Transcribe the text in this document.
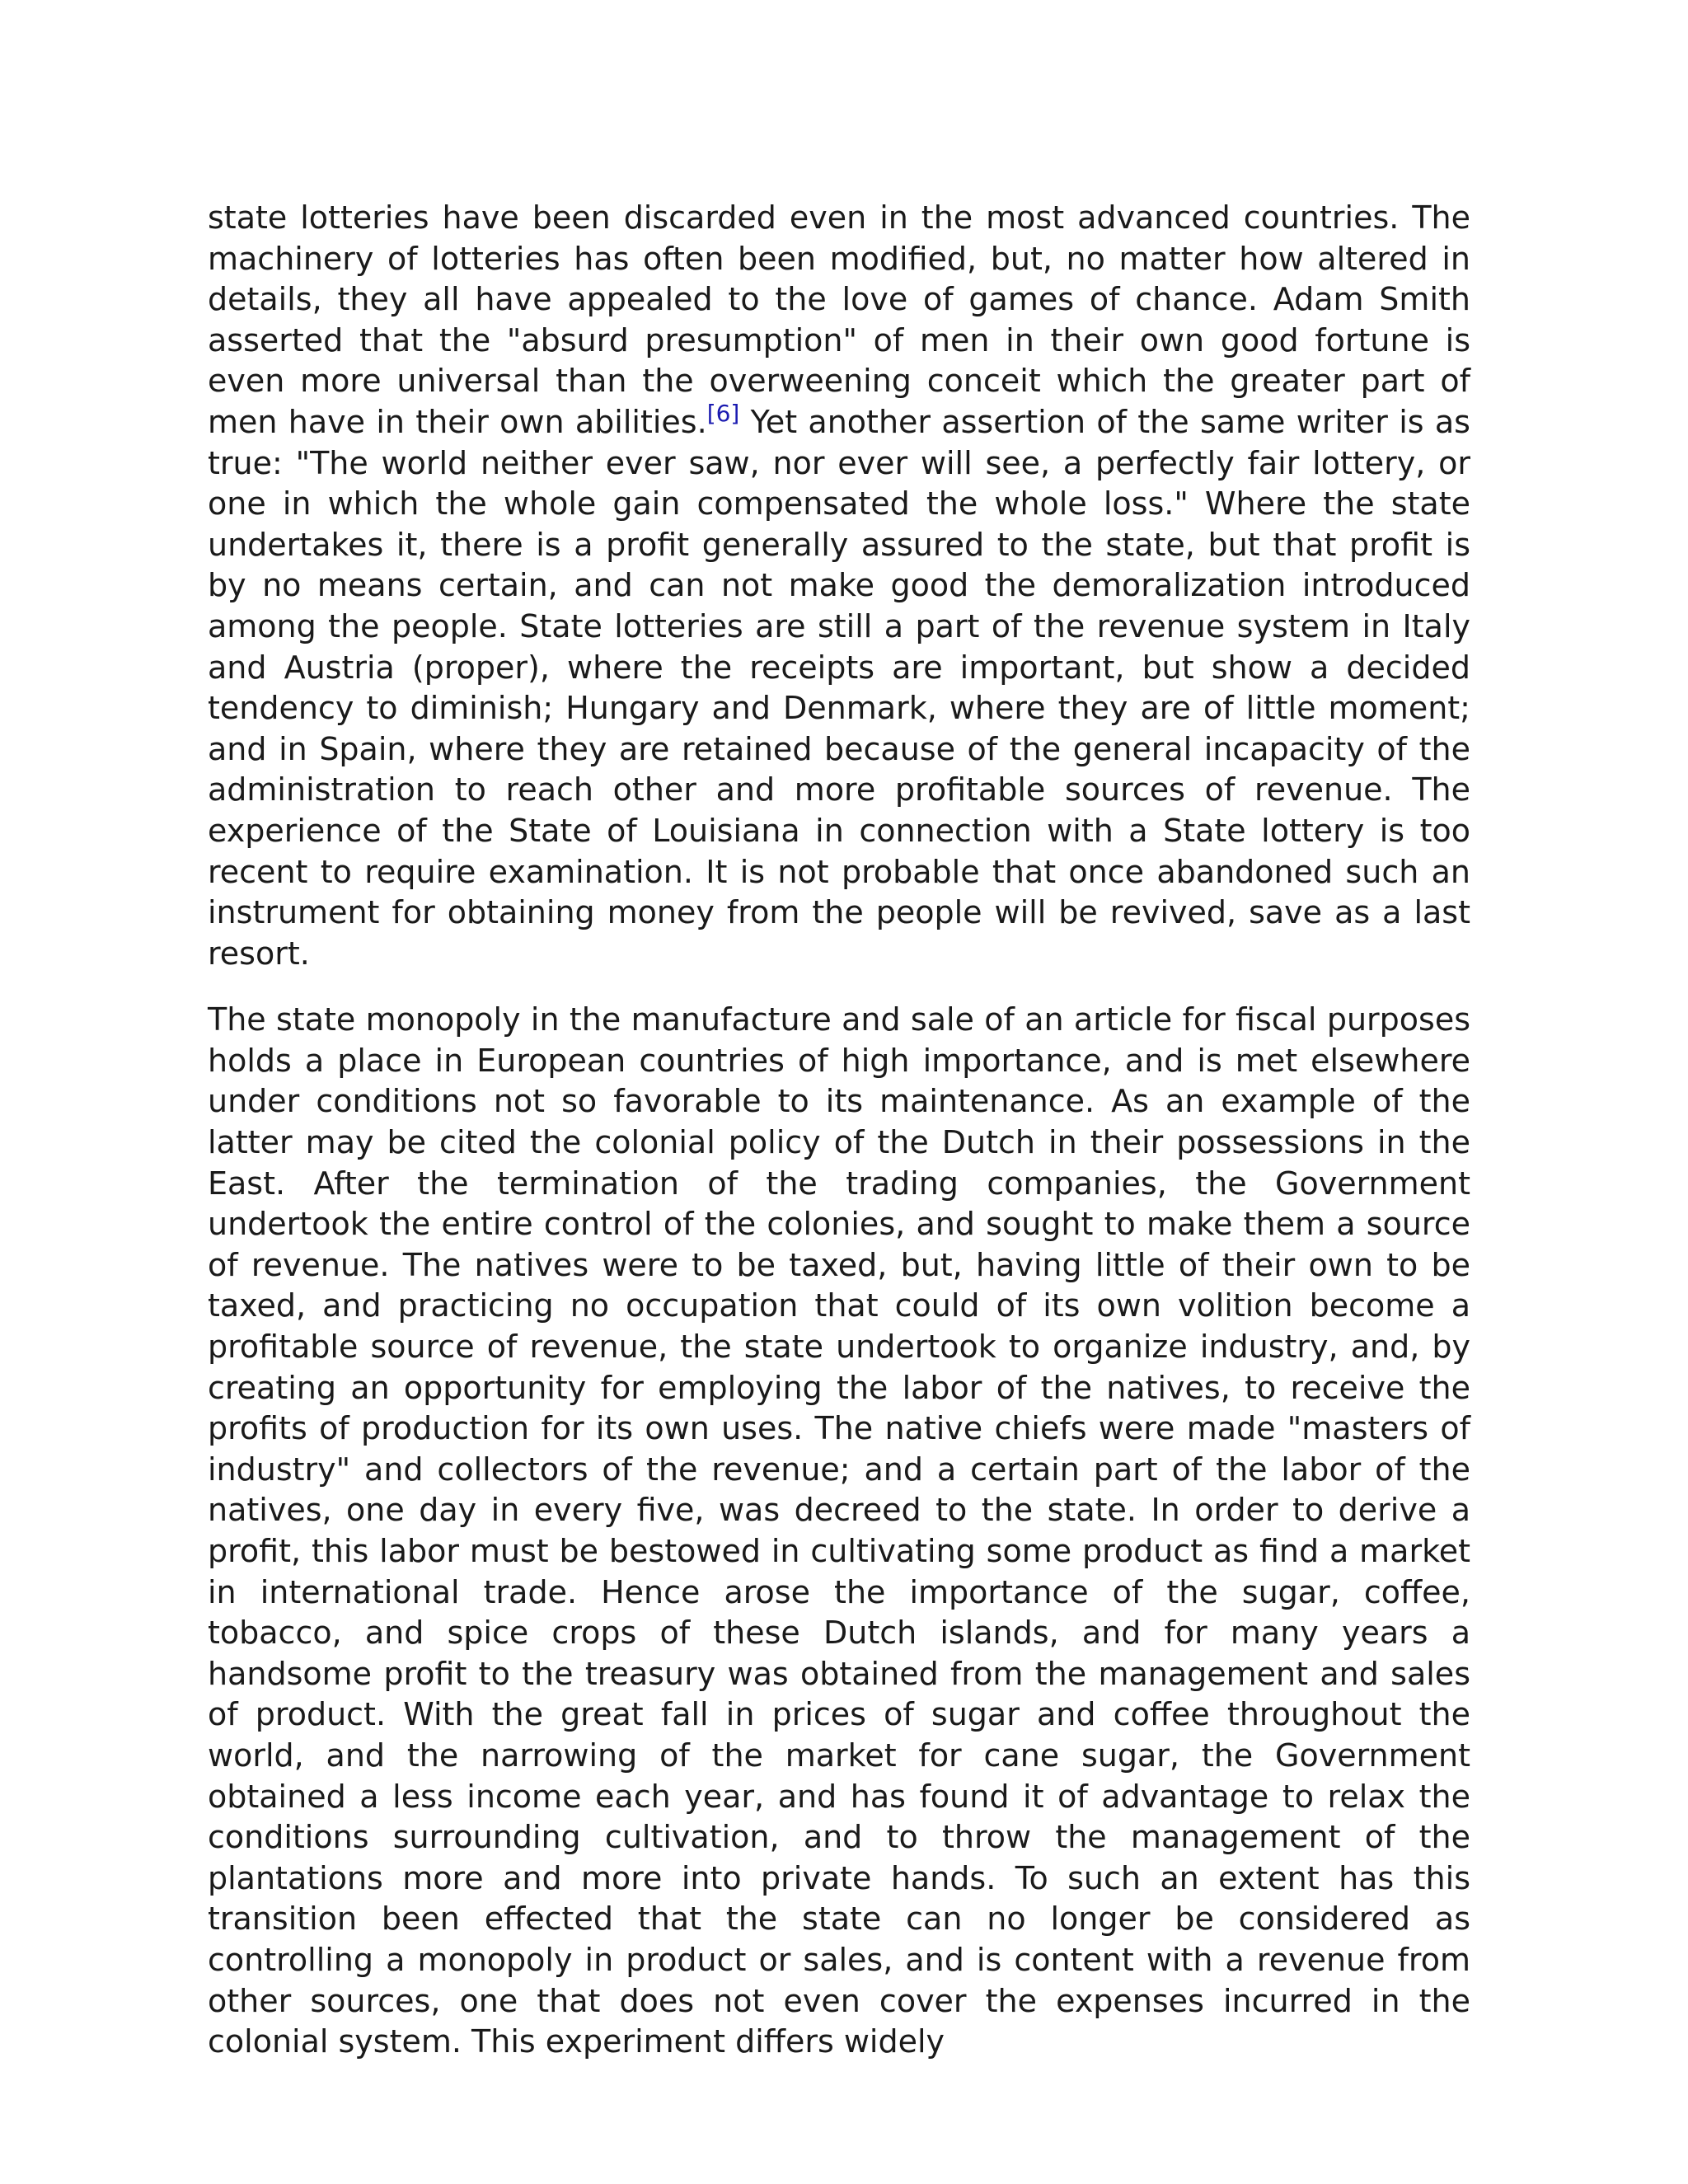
state lotteries have been discarded even in the most advanced countries. The machinery of lotteries has often been modified, but, no matter how altered in details, they all have appealed to the love of games of chance. Adam Smith asserted that the "absurd presumption" of men in their own good fortune is even more universal than the overweening conceit which the greater part of men have in their own abilities.[6] Yet another assertion of the same writer is as true: "The world neither ever saw, nor ever will see, a perfectly fair lottery, or one in which the whole gain compensated the whole loss." Where the state undertakes it, there is a profit generally assured to the state, but that profit is by no means certain, and can not make good the demoralization introduced among the people. State lotteries are still a part of the revenue system in Italy and Austria (proper), where the receipts are important, but show a decided tendency to diminish; Hungary and Denmark, where they are of little moment; and in Spain, where they are retained because of the general incapacity of the administration to reach other and more profitable sources of revenue. The experience of the State of Louisiana in connection with a State lottery is too recent to require examination. It is not probable that once abandoned such an instrument for obtaining money from the people will be revived, save as a last resort.

The state monopoly in the manufacture and sale of an article for fiscal purposes holds a place in European countries of high importance, and is met elsewhere under conditions not so favorable to its maintenance. As an example of the latter may be cited the colonial policy of the Dutch in their possessions in the East. After the termination of the trading companies, the Government undertook the entire control of the colonies, and sought to make them a source of revenue. The natives were to be taxed, but, having little of their own to be taxed, and practicing no occupation that could of its own volition become a profitable source of revenue, the state undertook to organize industry, and, by creating an opportunity for employing the labor of the natives, to receive the profits of production for its own uses. The native chiefs were made "masters of industry" and collectors of the revenue; and a certain part of the labor of the natives, one day in every five, was decreed to the state. In order to derive a profit, this labor must be bestowed in cultivating some product as find a market in international trade. Hence arose the importance of the sugar, coffee, tobacco, and spice crops of these Dutch islands, and for many years a handsome profit to the treasury was obtained from the management and sales of product. With the great fall in prices of sugar and coffee throughout the world, and the narrowing of the market for cane sugar, the Government obtained a less income each year, and has found it of advantage to relax the conditions surrounding cultivation, and to throw the management of the plantations more and more into private hands. To such an extent has this transition been effected that the state can no longer be considered as controlling a monopoly in product or sales, and is content with a revenue from other sources, one that does not even cover the expenses incurred in the colonial system. This experiment differs widely
